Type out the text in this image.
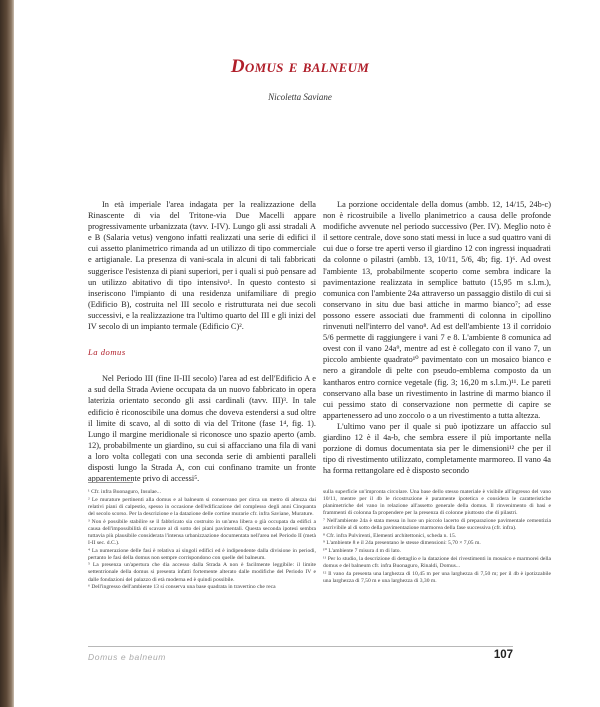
Domus e balneum
Nicoletta Saviane

In età imperiale l'area indagata per la realizzazione della Rinascente di via del Tritone-via Due Macelli appare progressivamente urbanizzata (tavv. I-IV). Lungo gli assi stradali A e B (Salaria vetus) vengono infatti realizzati una serie di edifici il cui assetto planimetrico rimanda ad un utilizzo di tipo commerciale e artigianale. La presenza di vani-scala in alcuni di tali fabbricati suggerisce l'esistenza di piani superiori, per i quali si può pensare ad un utilizzo abitativo di tipo intensivo¹. In questo contesto si inseriscono l'impianto di una residenza unifamiliare di pregio (Edificio B), costruita nel III secolo e ristrutturata nei due secoli successivi, e la realizzazione tra l'ultimo quarto del III e gli inizi del IV secolo di un impianto termale (Edificio C)².

La domus

Nel Periodo III (fine II-III secolo) l'area ad est dell'Edificio A e a sud della Strada Aviene occupata da un nuovo fabbricato in opera laterizia orientato secondo gli assi cardinali (tavv. III)³. In tale edificio è riconoscibile una domus che doveva estendersi a sud oltre il limite di scavo, al di sotto di via del Tritone (fase 1⁴, fig. 1). Lungo il margine meridionale si riconosce uno spazio aperto (amb. 12), probabilmente un giardino, su cui si affacciano una fila di vani a loro volta collegati con una seconda serie di ambienti paralleli disposti lungo la Strada A, con cui confinano tramite un fronte apparentemente privo di accessi⁵.

La porzione occidentale della domus (ambb. 12, 14/15, 24b-c) non è ricostruibile a livello planimetrico a causa delle profonde modifiche avvenute nel periodo successivo (Per. IV). Meglio noto è il settore centrale, dove sono stati messi in luce a sud quattro vani di cui due o forse tre aperti verso il giardino 12 con ingressi inquadrati da colonne o pilastri (ambb. 13, 10/11, 5/6, 4b; fig. 1)⁶. Ad ovest l'ambiente 13, probabilmente scoperto come sembra indicare la pavimentazione realizzata in semplice battuto (15,95 m s.l.m.), comunica con l'ambiente 24a attraverso un passaggio distilo di cui si conservano in situ due basi attiche in marmo bianco⁷; ad esse possono essere associati due frammenti di colonna in cipollino rinvenuti nell'interro del vano⁸. Ad est dell'ambiente 13 il corridoio 5/6 permette di raggiungere i vani 7 e 8. L'ambiente 8 comunica ad ovest con il vano 24a⁹, mentre ad est è collegato con il vano 7, un piccolo ambiente quadrato¹⁰ pavimentato con un mosaico bianco e nero a girandole di pelte con pseudo-emblema composto da un kantharos entro cornice vegetale (fig. 3; 16,20 m s.l.m.)¹¹. Le pareti conservano alla base un rivestimento in lastrine di marmo bianco il cui pessimo stato di conservazione non permette di capire se appartenessero ad uno zoccolo o a un rivestimento a tutta altezza.

L'ultimo vano per il quale si può ipotizzare un affaccio sul giardino 12 è il 4a-b, che sembra essere il più importante nella porzione di domus documentata sia per le dimensioni¹² che per il tipo di rivestimento utilizzato, completamente marmoreo. Il vano 4a ha forma rettangolare ed è disposto secondo

¹ Cfr. infra Buonaguro, Insulae...

² Le murature pertinenti alla domus e al balneum si conservano per circa un metro di altezza dai relativi piani di calpestio, spesso in occasione dell'edificazione del complesso degli anni Cinquanta del secolo scorso. Per la descrizione e la datazione delle cortine murarie cfr. infra Saviane, Murature.

³ Non è possibile stabilire se il fabbricato sia costruito in un'area libera o già occupata da edifici a causa dell'impossibilità di scavare al di sotto dei piani pavimentali. Questa seconda ipotesi sembra tuttavia più plausibile considerata l'intensa urbanizzazione documentata nell'area nel Periodo II (metà I-II sec. d.C.).

⁴ La numerazione delle fasi è relativa ai singoli edifici ed è indipendente dalla divisione in periodi, pertanto le fasi della domus non sempre corrispondono con quelle del balneum.

⁵ La presenza un'apertura che dia accesso dalla Strada A non è facilmente leggibile: il limite settentrionale della domus si presenta infatti fortemente alterato dalle modifiche del Periodo IV e dalle fondazioni del palazzo di età moderna ed è quindi possibile.

⁶ Dell'ingresso dell'ambiente 13 si conserva una base quadrata in travertino che reca

sulla superficie un'impronta circolare. Una base dello stesso materiale è visibile all'ingresso del vano 10/11, mentre per il 4b le ricostruzione è puramente ipotetica e considera le caratteristiche planimetriche del vano in relazione all'assetto generale della domus. Il rinvenimento di basi e frammenti di colonna fa propendere per la presenza di colonne piuttosto che di pilastri.

⁷ Nell'ambiente 24a è stata messa in luce un piccolo lacerto di preparazione pavimentale cementizia ascrivibile al di sotto della pavimentazione marmorea della fase successiva (cfr. infra).

⁸ Cfr. infra Pulvirenti, Elementi architettonici, scheda n. 15.

⁹ L'ambiente 8 e il 24a presentano le stesse dimensioni: 5,70 × 7,05 m.

¹⁰ L'ambiente 7 misura 4 m di lato.

¹¹ Per lo studio, la descrizione di dettaglio e la datazione dei rivestimenti in mosaico e marmorei della domus e del balneum cfr. infra Buonaguro, Rinaldi, Domus...

¹² Il vano 4a presenta una larghezza di 10,45 m per una larghezza di 7,50 m; per il 4b è ipotizzabile una larghezza di 7,50 m e una larghezza di 3,30 m.

Domus e balneum	107
